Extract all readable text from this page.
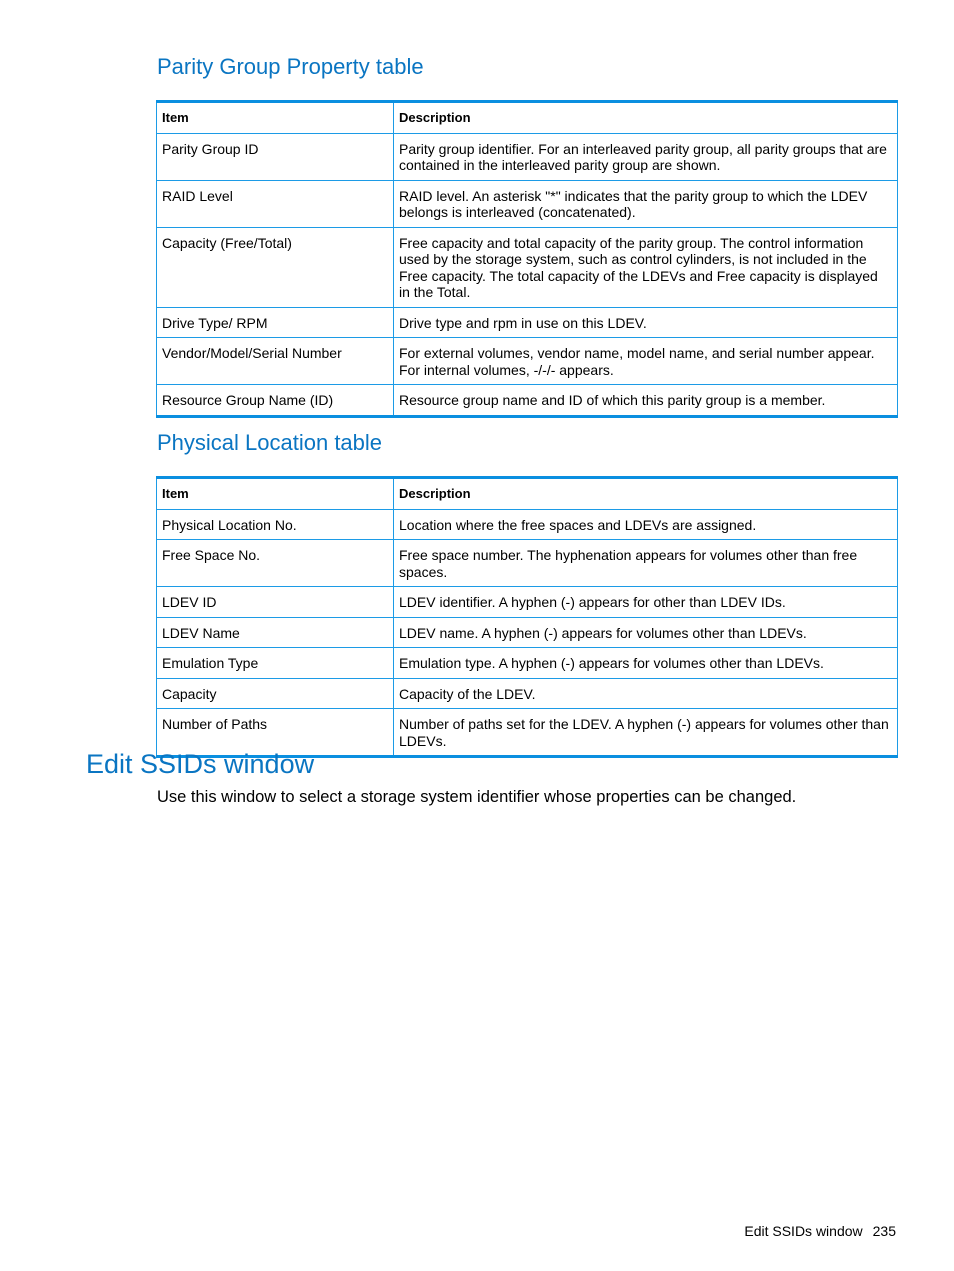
Parity Group Property table
Item	Description
Parity Group ID	Parity group identifier. For an interleaved parity group, all parity groups that are contained in the interleaved parity group are shown.
RAID Level	RAID level. An asterisk "*" indicates that the parity group to which the LDEV belongs is interleaved (concatenated).
Capacity (Free/Total)	Free capacity and total capacity of the parity group. The control information used by the storage system, such as control cylinders, is not included in the Free capacity. The total capacity of the LDEVs and Free capacity is displayed in the Total.
Drive Type/ RPM	Drive type and rpm in use on this LDEV.
Vendor/Model/Serial Number	For external volumes, vendor name, model name, and serial number appear. For internal volumes, -/-/- appears.
Resource Group Name (ID)	Resource group name and ID of which this parity group is a member.
Physical Location table
Item	Description
Physical Location No.	Location where the free spaces and LDEVs are assigned.
Free Space No.	Free space number. The hyphenation appears for volumes other than free spaces.
LDEV ID	LDEV identifier. A hyphen (-) appears for other than LDEV IDs.
LDEV Name	LDEV name. A hyphen (-) appears for volumes other than LDEVs.
Emulation Type	Emulation type. A hyphen (-) appears for volumes other than LDEVs.
Capacity	Capacity of the LDEV.
Number of Paths	Number of paths set for the LDEV. A hyphen (-) appears for volumes other than LDEVs.
Edit SSIDs window

Use this window to select a storage system identifier whose properties can be changed.

Edit SSIDs window 235
